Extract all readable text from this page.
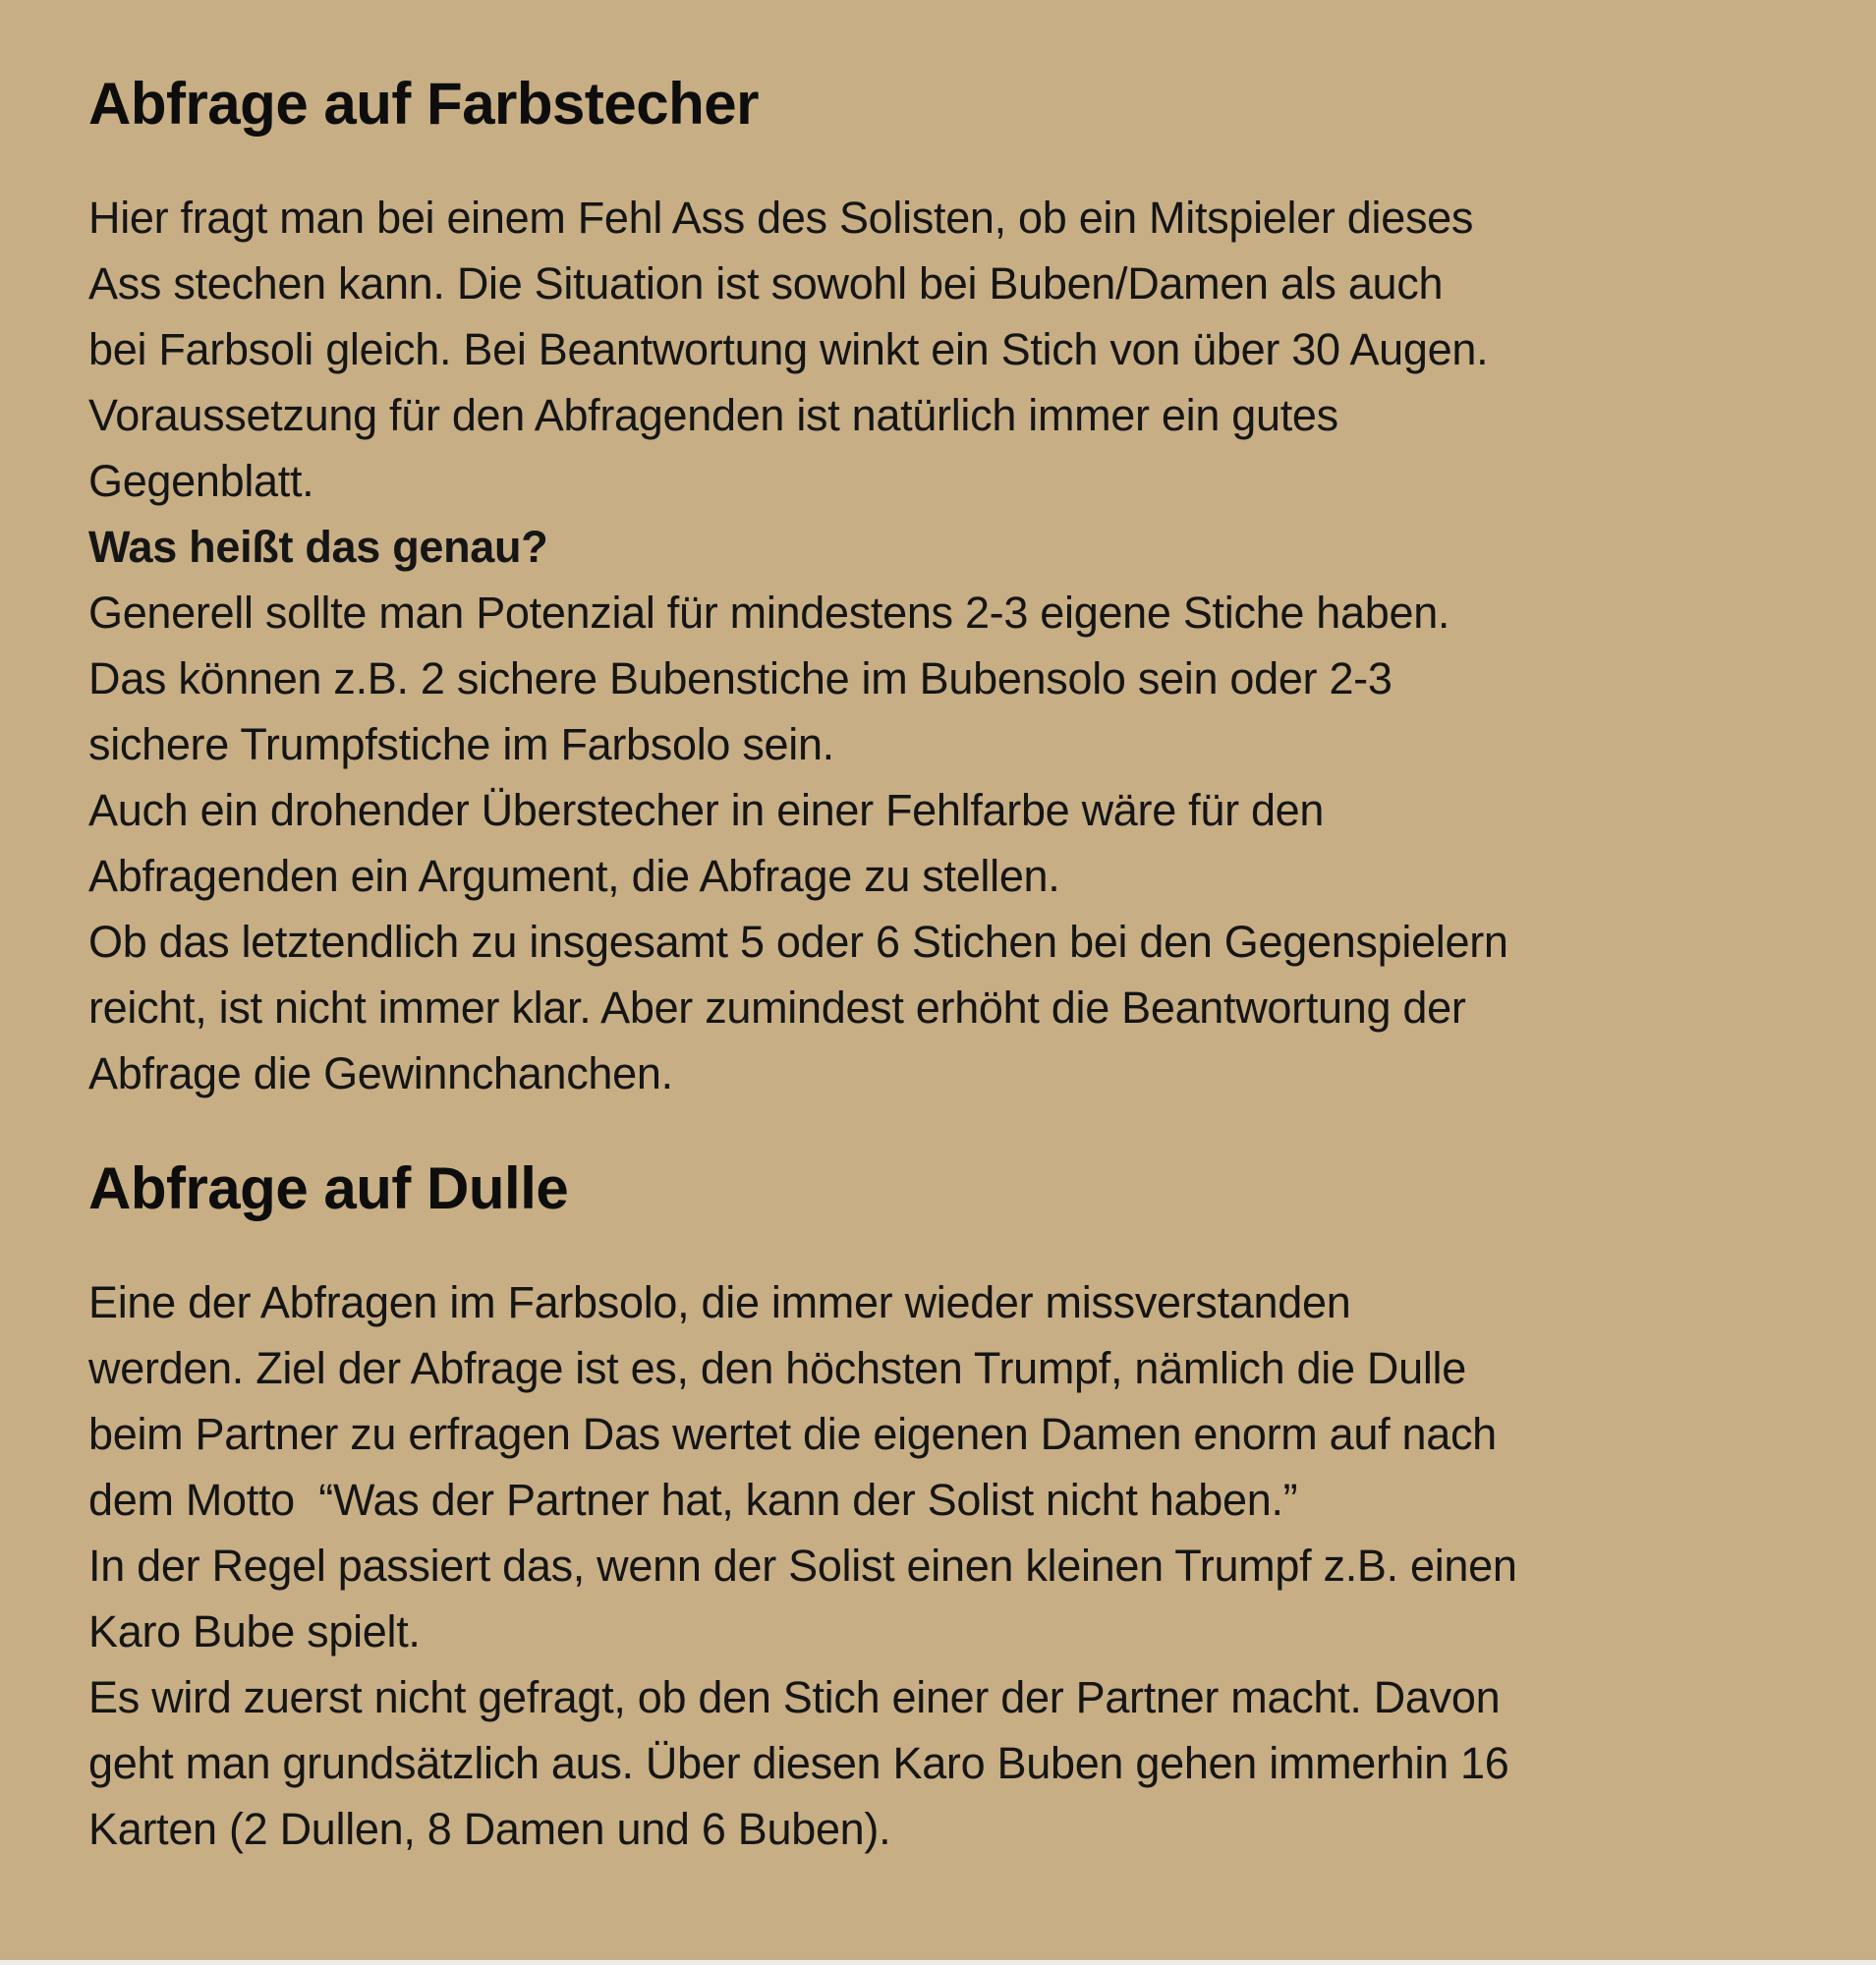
Abfrage auf Farbstecher

Hier fragt man bei einem Fehl Ass des Solisten, ob ein Mitspieler dieses
Ass stechen kann. Die Situation ist sowohl bei Buben/Damen als auch
bei Farbsoli gleich. Bei Beantwortung winkt ein Stich von über 30 Augen.
Voraussetzung für den Abfragenden ist natürlich immer ein gutes
Gegenblatt.

Was heißt das genau?

Generell sollte man Potenzial für mindestens 2-3 eigene Stiche haben.
Das können z.B. 2 sichere Bubenstiche im Bubensolo sein oder 2-3
sichere Trumpfstiche im Farbsolo sein.
Auch ein drohender Überstecher in einer Fehlfarbe wäre für den
Abfragenden ein Argument, die Abfrage zu stellen.
Ob das letztendlich zu insgesamt 5 oder 6 Stichen bei den Gegenspielern
reicht, ist nicht immer klar. Aber zumindest erhöht die Beantwortung der
Abfrage die Gewinnchanchen.

Abfrage auf Dulle

Eine der Abfragen im Farbsolo, die immer wieder missverstanden
werden. Ziel der Abfrage ist es, den höchsten Trumpf, nämlich die Dulle
beim Partner zu erfragen Das wertet die eigenen Damen enorm auf nach
dem Motto  “Was der Partner hat, kann der Solist nicht haben.”
In der Regel passiert das, wenn der Solist einen kleinen Trumpf z.B. einen
Karo Bube spielt.
Es wird zuerst nicht gefragt, ob den Stich einer der Partner macht. Davon
geht man grundsätzlich aus. Über diesen Karo Buben gehen immerhin 16
Karten (2 Dullen, 8 Damen und 6 Buben).
